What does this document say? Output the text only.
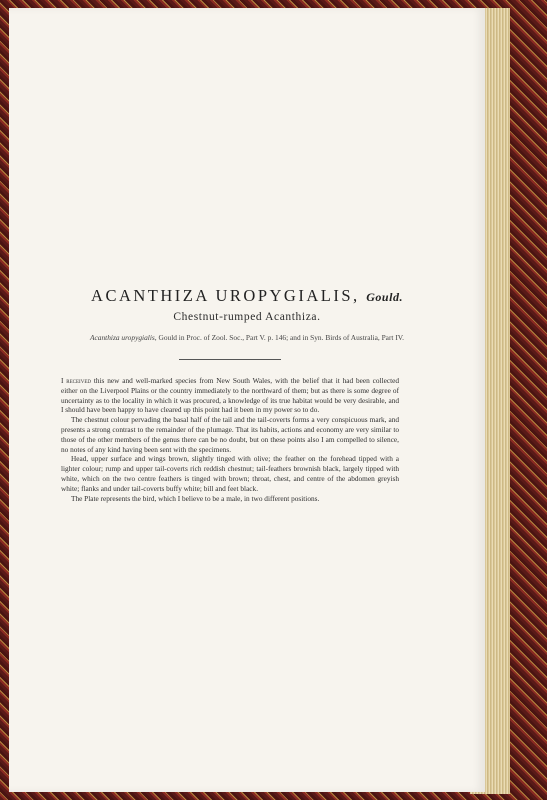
ACANTHIZA UROPYGIALIS, Gould.
Chestnut-rumped Acanthiza.
Acanthiza uropygialis, Gould in Proc. of Zool. Soc., Part V. p. 146; and in Syn. Birds of Australia, Part IV.

I received this new and well-marked species from New South Wales, with the belief that it had been collected either on the Liverpool Plains or the country immediately to the northward of them; but as there is some degree of uncertainty as to the locality in which it was procured, a knowledge of its true habitat would be very desirable, and I should have been happy to have cleared up this point had it been in my power so to do.

The chestnut colour pervading the basal half of the tail and the tail-coverts forms a very conspicuous mark, and presents a strong contrast to the remainder of the plumage. That its habits, actions and economy are very similar to those of the other members of the genus there can be no doubt, but on these points also I am compelled to silence, no notes of any kind having been sent with the specimens.

Head, upper surface and wings brown, slightly tinged with olive; the feather on the forehead tipped with a lighter colour; rump and upper tail-coverts rich reddish chestnut; tail-feathers brownish black, largely tipped with white, which on the two centre feathers is tinged with brown; throat, chest, and centre of the abdomen greyish white; flanks and under tail-coverts buffy white; bill and feet black.

The Plate represents the bird, which I believe to be a male, in two different positions.
